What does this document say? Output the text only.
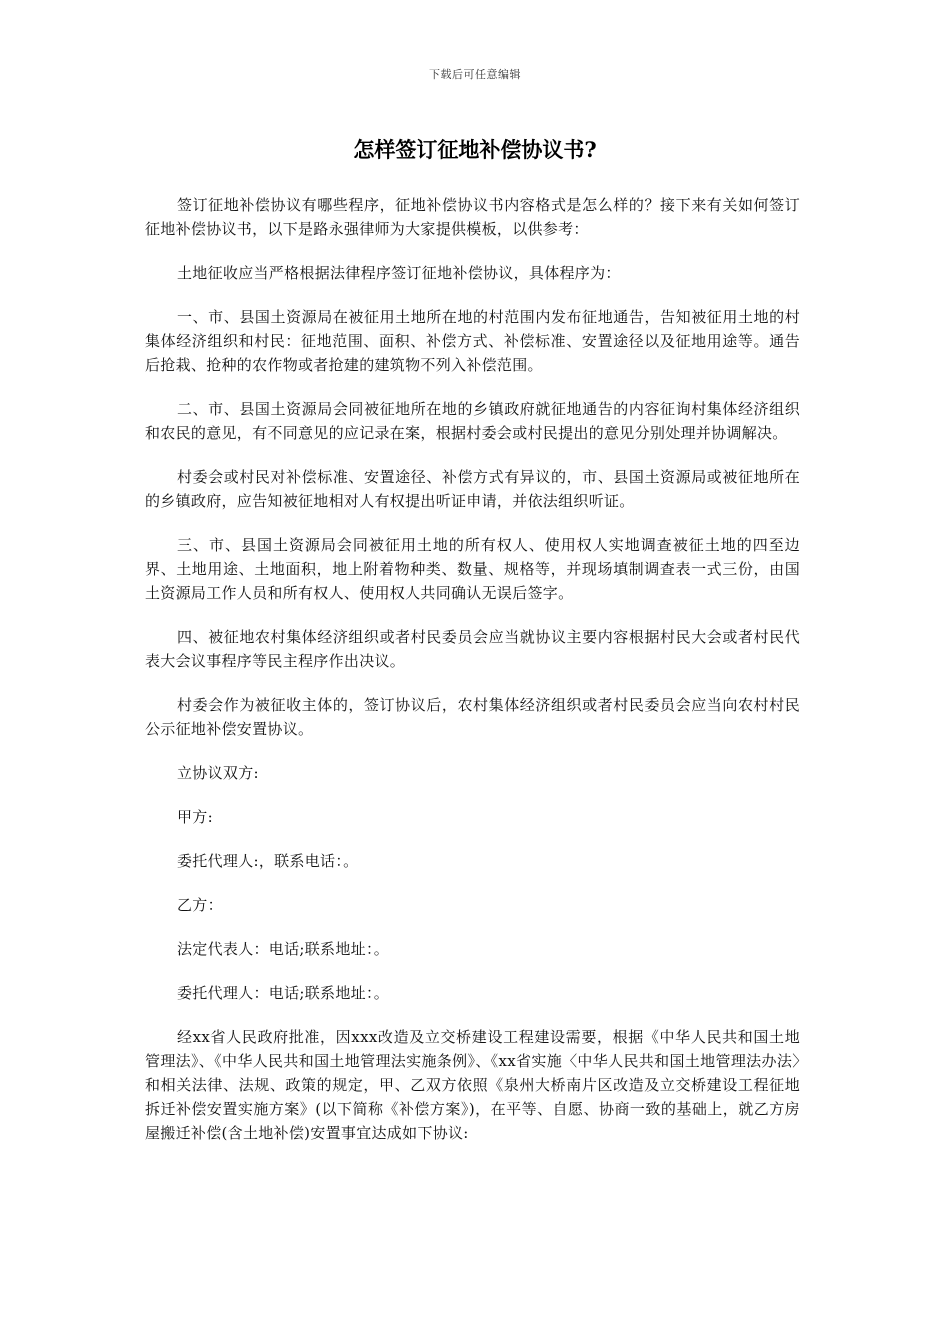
下载后可任意编辑
怎样签订征地补偿协议书?

签订征地补偿协议有哪些程序，征地补偿协议书内容格式是怎么样的？接下来有关如何签订征地补偿协议书，以下是路永强律师为大家提供模板，以供参考：

土地征收应当严格根据法律程序签订征地补偿协议，具体程序为：

一、市、县国土资源局在被征用土地所在地的村范围内发布征地通告，告知被征用土地的村集体经济组织和村民：征地范围、面积、补偿方式、补偿标准、安置途径以及征地用途等。通告后抢栽、抢种的农作物或者抢建的建筑物不列入补偿范围。

二、市、县国土资源局会同被征地所在地的乡镇政府就征地通告的内容征询村集体经济组织和农民的意见，有不同意见的应记录在案，根据村委会或村民提出的意见分别处理并协调解决。

村委会或村民对补偿标准、安置途径、补偿方式有异议的，市、县国土资源局或被征地所在的乡镇政府，应告知被征地相对人有权提出听证申请，并依法组织听证。

三、市、县国土资源局会同被征用土地的所有权人、使用权人实地调查被征土地的四至边界、土地用途、土地面积，地上附着物种类、数量、规格等，并现场填制调查表一式三份，由国土资源局工作人员和所有权人、使用权人共同确认无误后签字。

四、被征地农村集体经济组织或者村民委员会应当就协议主要内容根据村民大会或者村民代表大会议事程序等民主程序作出决议。

村委会作为被征收主体的，签订协议后，农村集体经济组织或者村民委员会应当向农村村民公示征地补偿安置协议。

立协议双方:

甲方:

委托代理人:，联系电话：。

乙方：

法定代表人：电话;联系地址：。

委托代理人：电话;联系地址：。

经xx省人民政府批准，因xxx改造及立交桥建设工程建设需要，根据《中华人民共和国土地管理法》、《中华人民共和国土地管理法实施条例》、《xx省实施〈中华人民共和国土地管理法办法〉和相关法律、法规、政策的规定，甲、乙双方依照《泉州大桥南片区改造及立交桥建设工程征地拆迁补偿安置实施方案》(以下简称《补偿方案》)，在平等、自愿、协商一致的基础上，就乙方房屋搬迁补偿(含土地补偿)安置事宜达成如下协议:
